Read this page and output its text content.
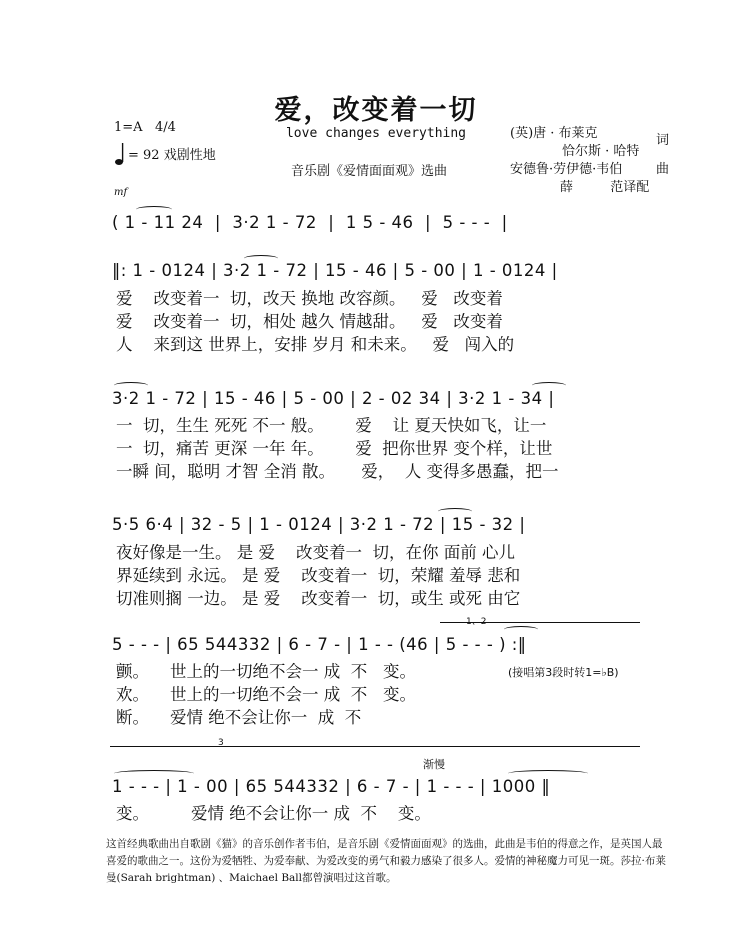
爱，改变着一切
love changes everything
1=A   4/4
= 92 戏剧性地
音乐剧《爱情面面观》选曲
(英)唐 · 布莱克
恰尔斯 · 哈特
词
安德鲁·劳伊德·韦伯	曲
薛         范译配
mf
( 1 - 11 24  |  3·2 1 - 72  |  1 5 - 46  |  5 - - -  |
‖: 1 - 0124 | 3·2 1 - 72 | 15 - 46 | 5 - 00 | 1 - 0124 |
爱    改变着一  切，改天 换地 改容颜。   爱   改变着
爱    改变着一  切，相处 越久 情越甜。   爱   改变着
人    来到这 世界上，安排 岁月 和未来。   爱   闯入的
3·2 1 - 72 | 15 - 46 | 5 - 00 | 2 - 02 34 | 3·2 1 - 34 |
一  切，生生 死死 不一 般。      爱    让 夏天快如飞，让一
一  切，痛苦 更深 一年 年。      爱  把你世界 变个样，让世
一瞬 间，聪明 才智 全消 散。     爱，  人 变得多愚蠢，把一
5·5 6·4 | 32 - 5 | 1 - 0124 | 3·2 1 - 72 | 15 - 32 |
夜好像是一生。 是 爱    改变着一  切，在你 面前 心儿
界延续到 永远。 是 爱    改变着一  切，荣耀 羞辱 悲和
切准则搁 一边。 是 爱    改变着一  切，或生 或死 由它
1、2
5 - - - | 65 544332 | 6 - 7 - | 1 - - (46 | 5 - - - ) :‖
颤。    世上的一切绝不会一 成  不   变。	(接唱第3段时转1=♭B)
欢。    世上的一切绝不会一 成  不   变。
断。    爱情 绝不会让你一  成  不
3
渐慢
1 - - - | 1 - 00 | 65 544332 | 6 - 7 - | 1 - - - | 1000 ‖
变。        爱情 绝不会让你一 成  不    变。
这首经典歌曲出自歌剧《猫》的音乐创作者韦伯，是音乐剧《爱情面面观》的选曲，此曲是韦伯的得意之作，是英国人最喜爱的歌曲之一。这份为爱牺牲、为爱奉献、为爱改变的勇气和毅力感染了很多人。爱情的神秘魔力可见一斑。莎拉·布莱曼(Sarah brightman) 、Maichael Ball都曾演唱过这首歌。
